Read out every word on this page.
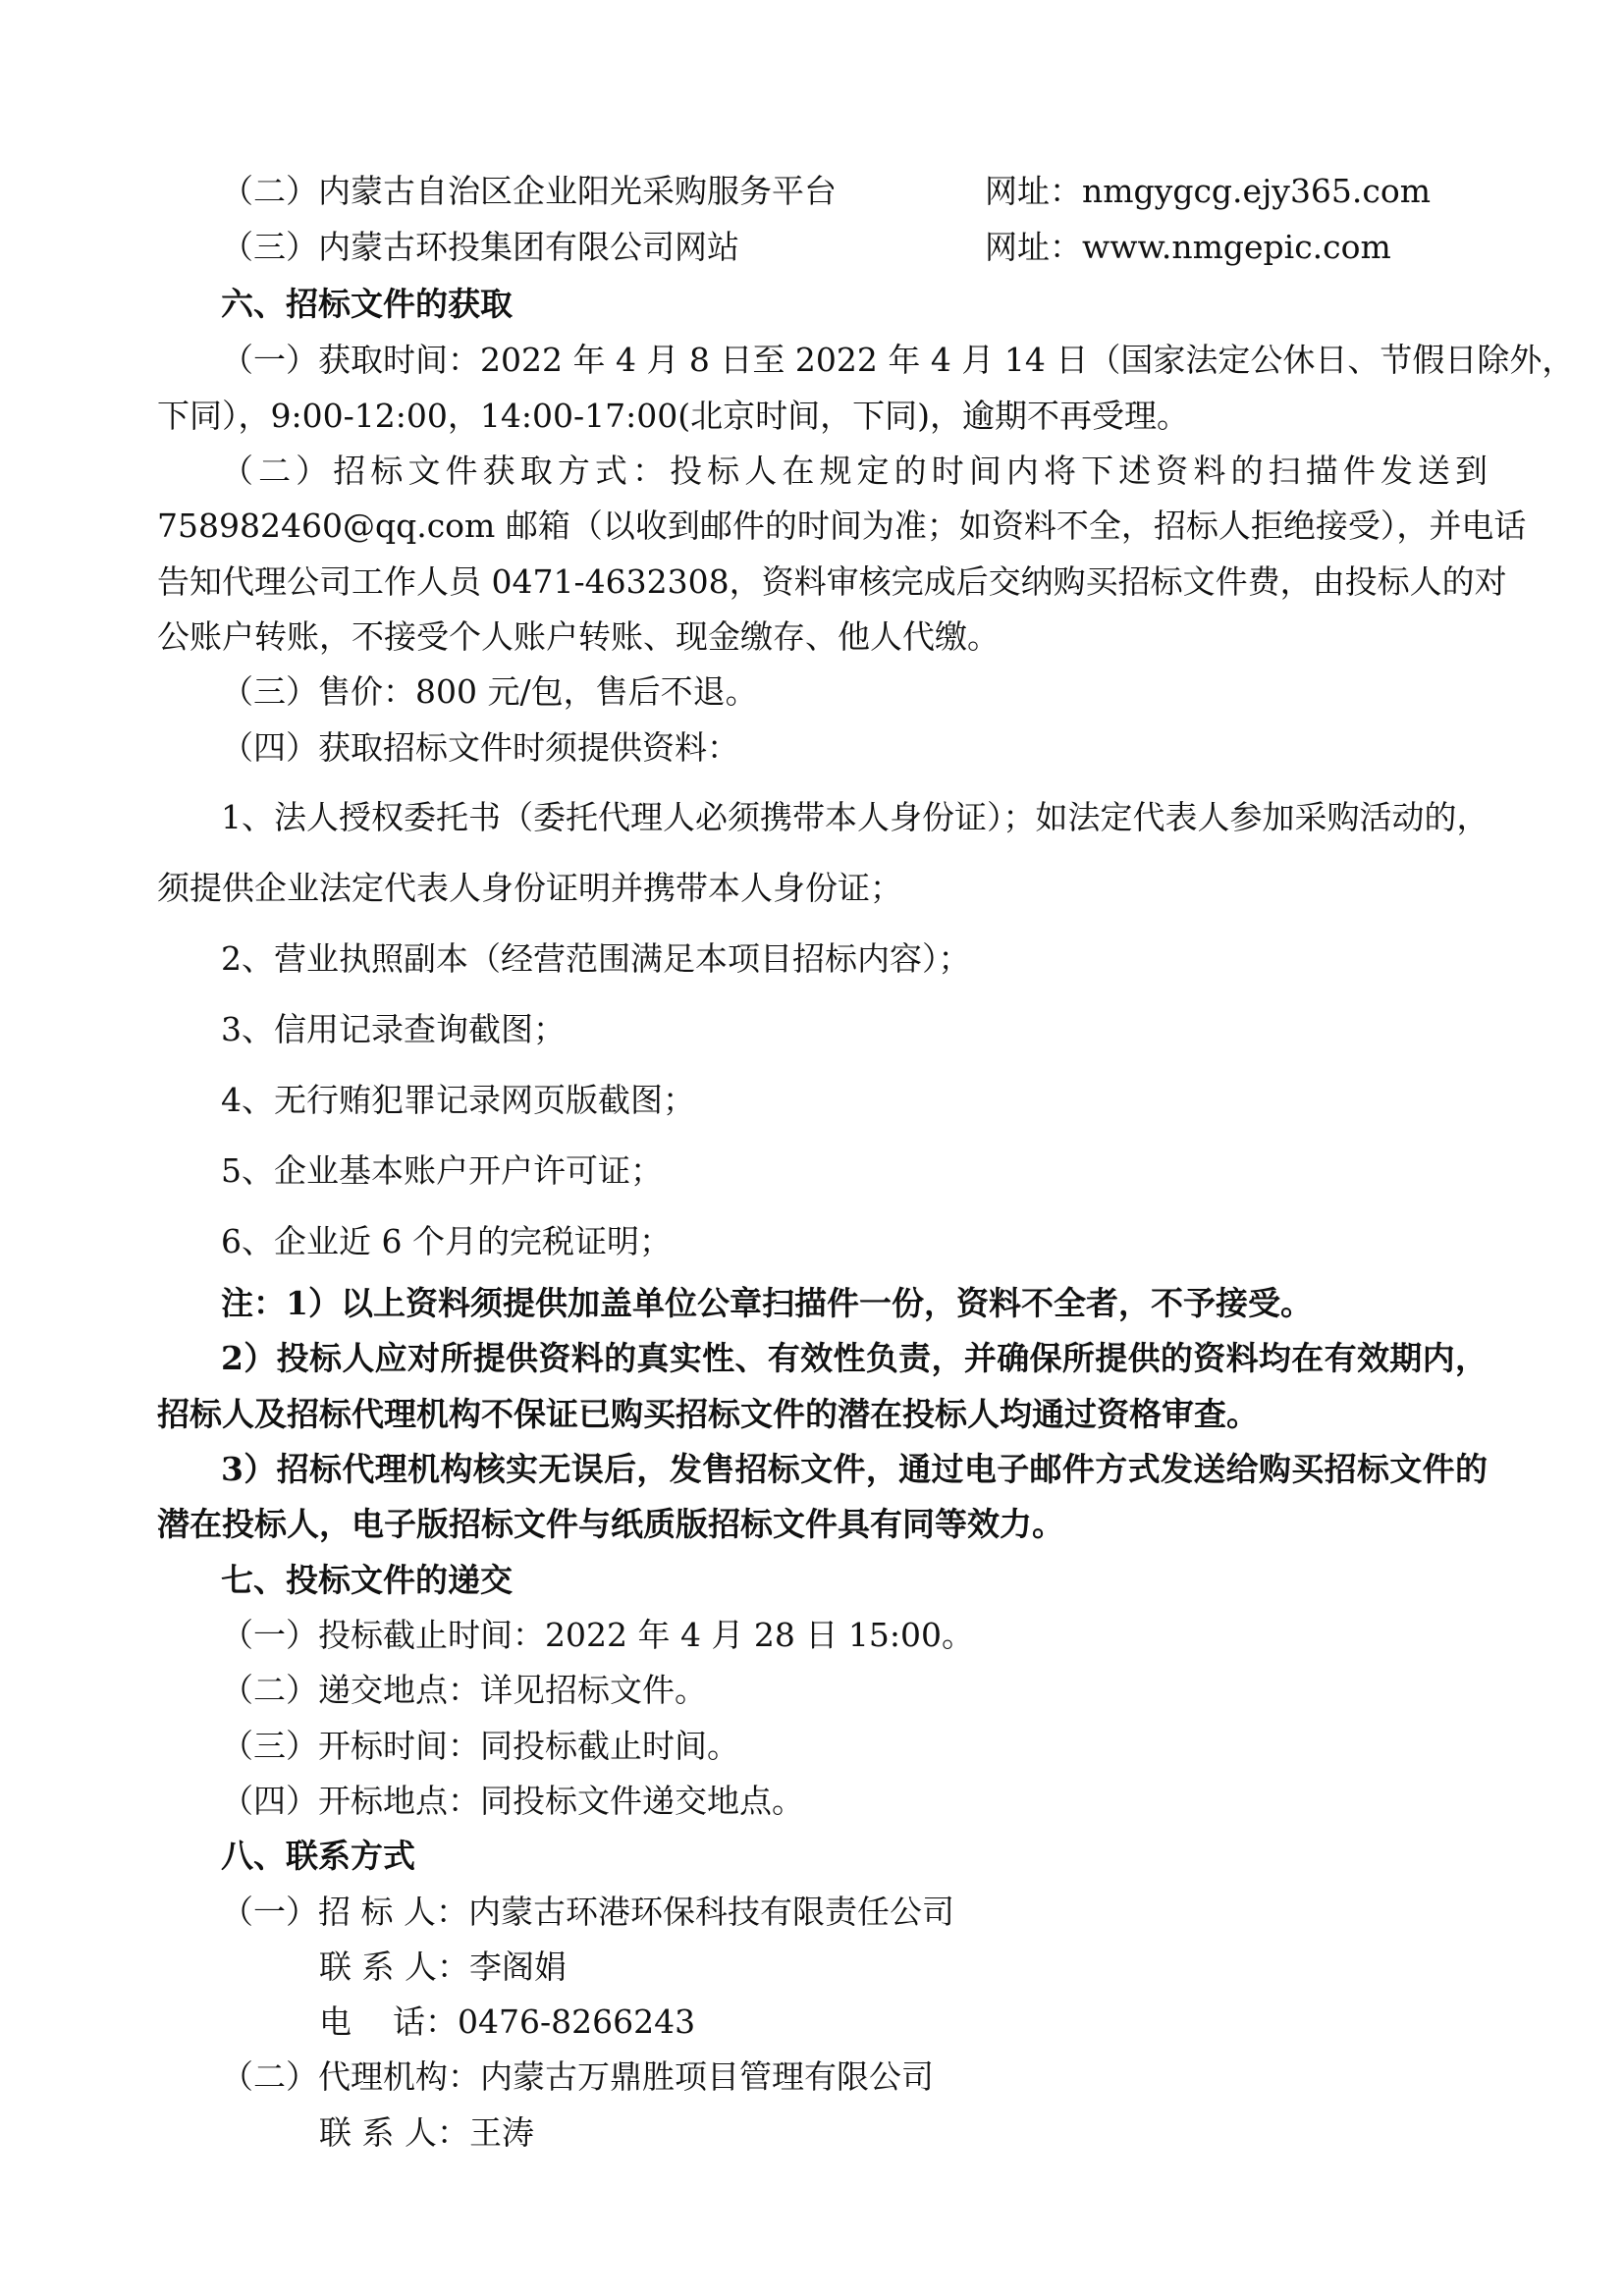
（二）内蒙古自治区企业阳光采购服务平台	网址：nmgygcg.ejy365.com
（三）内蒙古环投集团有限公司网站	网址：www.nmgepic.com
六、招标文件的获取
（一）获取时间：2022 年 4 月 8 日至 2022 年 4 月 14 日（国家法定公休日、节假日除外，
下同），9:00-12:00，14:00-17:00(北京时间，下同)，逾期不再受理。
（二）招标文件获取方式：投标人在规定的时间内将下述资料的扫描件发送到
758982460@qq.com 邮箱（以收到邮件的时间为准；如资料不全，招标人拒绝接受），并电话
告知代理公司工作人员 0471-4632308，资料审核完成后交纳购买招标文件费，由投标人的对
公账户转账，不接受个人账户转账、现金缴存、他人代缴。
（三）售价：800 元/包，售后不退。
（四）获取招标文件时须提供资料：
1、法人授权委托书（委托代理人必须携带本人身份证）；如法定代表人参加采购活动的，
须提供企业法定代表人身份证明并携带本人身份证；
2、营业执照副本（经营范围满足本项目招标内容）；
3、信用记录查询截图；
4、无行贿犯罪记录网页版截图；
5、企业基本账户开户许可证；
6、企业近 6 个月的完税证明；
注：1）以上资料须提供加盖单位公章扫描件一份，资料不全者，不予接受。
2）投标人应对所提供资料的真实性、有效性负责，并确保所提供的资料均在有效期内，
招标人及招标代理机构不保证已购买招标文件的潜在投标人均通过资格审查。
3）招标代理机构核实无误后，发售招标文件，通过电子邮件方式发送给购买招标文件的
潜在投标人，电子版招标文件与纸质版招标文件具有同等效力。
七、投标文件的递交
（一）投标截止时间：2022 年 4 月 28 日 15:00。
（二）递交地点：详见招标文件。
（三）开标时间：同投标截止时间。
（四）开标地点：同投标文件递交地点。
八、联系方式
（一）招 标 人：内蒙古环港环保科技有限责任公司
联 系 人：李阁娟
电    话：0476-8266243
（二）代理机构：内蒙古万鼎胜项目管理有限公司
联 系 人：王涛
